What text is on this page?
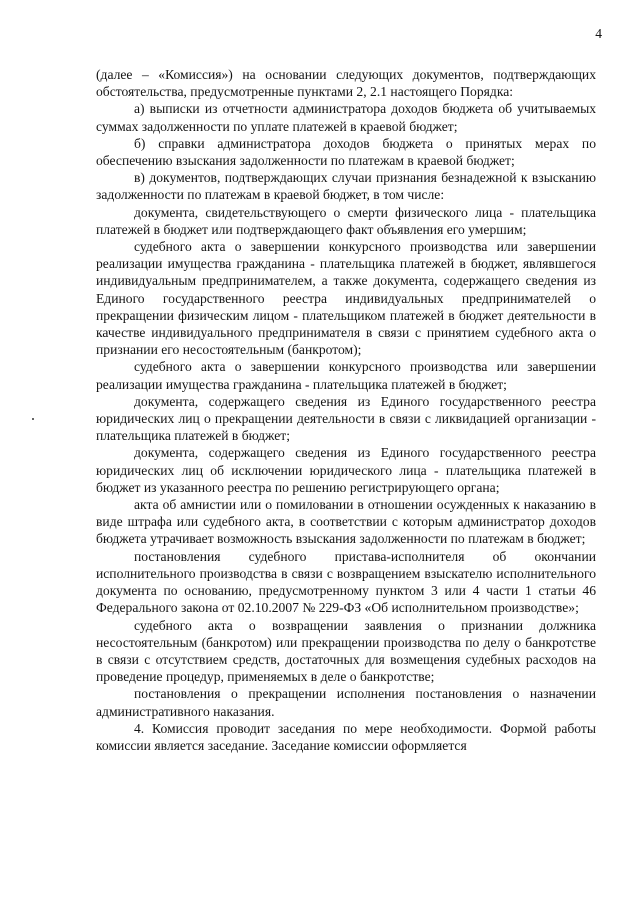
4

(далее – «Комиссия») на основании следующих документов, подтверждающих обстоятельства, предусмотренные пунктами 2, 2.1 настоящего Порядка:

а) выписки из отчетности администратора доходов бюджета об учитываемых суммах задолженности по уплате платежей в краевой бюджет;

б) справки администратора доходов бюджета о принятых мерах по обеспечению взыскания задолженности по платежам в краевой бюджет;

в) документов, подтверждающих случаи признания безнадежной к взысканию задолженности по платежам в краевой бюджет, в том числе:

документа, свидетельствующего о смерти физического лица - плательщика платежей в бюджет или подтверждающего факт объявления его умершим;

судебного акта о завершении конкурсного производства или завершении реализации имущества гражданина - плательщика платежей в бюджет, являвшегося индивидуальным предпринимателем, а также документа, содержащего сведения из Единого государственного реестра индивидуальных предпринимателей о прекращении физическим лицом - плательщиком платежей в бюджет деятельности в качестве индивидуального предпринимателя в связи с принятием судебного акта о признании его несостоятельным (банкротом);

судебного акта о завершении конкурсного производства или завершении реализации имущества гражданина - плательщика платежей в бюджет;

документа, содержащего сведения из Единого государственного реестра юридических лиц о прекращении деятельности в связи с ликвидацией организации - плательщика платежей в бюджет;

документа, содержащего сведения из Единого государственного реестра юридических лиц об исключении юридического лица - плательщика платежей в бюджет из указанного реестра по решению регистрирующего органа;

акта об амнистии или о помиловании в отношении осужденных к наказанию в виде штрафа или судебного акта, в соответствии с которым администратор доходов бюджета утрачивает возможность взыскания задолженности по платежам в бюджет;

постановления судебного пристава-исполнителя об окончании исполнительного производства в связи с возвращением взыскателю исполнительного документа по основанию, предусмотренному пунктом 3 или 4 части 1 статьи 46 Федерального закона от 02.10.2007 № 229-ФЗ «Об исполнительном производстве»;

судебного акта о возвращении заявления о признании должника несостоятельным (банкротом) или прекращении производства по делу о банкротстве в связи с отсутствием средств, достаточных для возмещения судебных расходов на проведение процедур, применяемых в деле о банкротстве;

постановления о прекращении исполнения постановления о назначении административного наказания.

4. Комиссия проводит заседания по мере необходимости. Формой работы комиссии является заседание. Заседание комиссии оформляется
